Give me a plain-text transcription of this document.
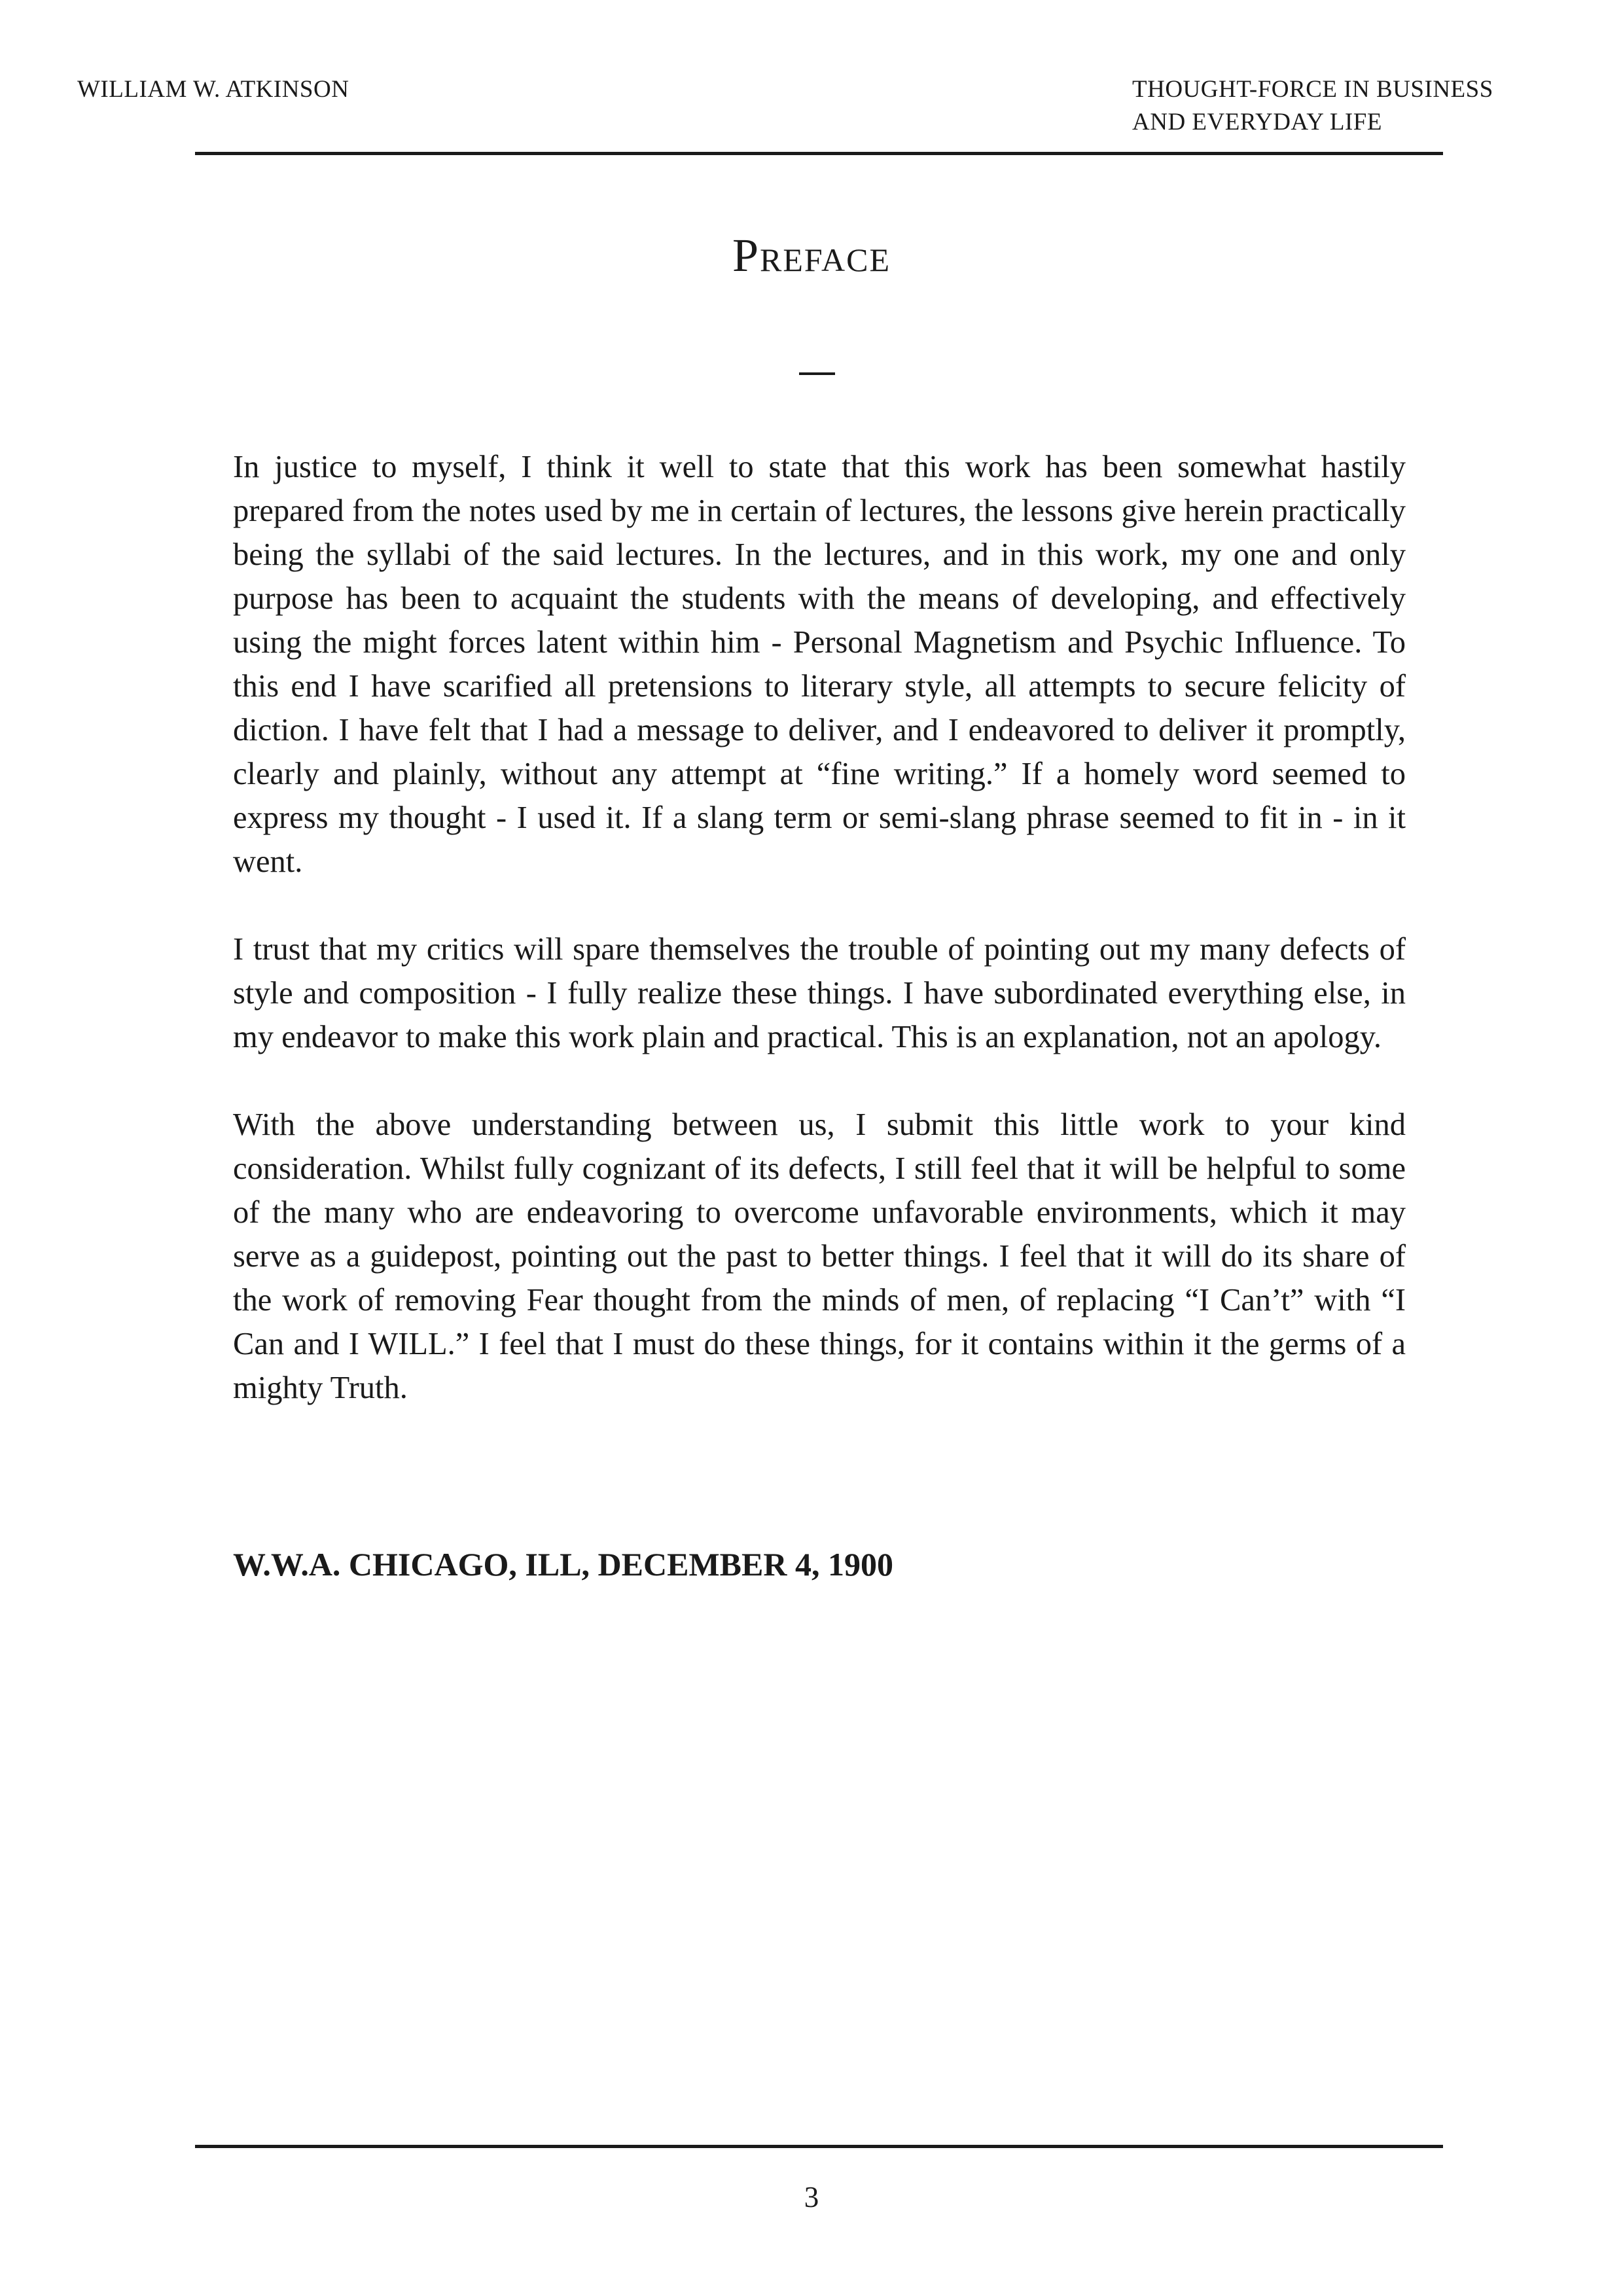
WILLIAM W. ATKINSON	THOUGHT-FORCE IN BUSINESS
AND EVERYDAY LIFE
Preface

In justice to myself, I think it well to state that this work has been somewhat hastily prepared from the notes used by me in certain of lectures, the lessons give herein practically being the syllabi of the said lectures. In the lectures, and in this work, my one and only purpose has been to acquaint the students with the means of developing, and effectively using the might forces latent within him - Personal Magnetism and Psychic Influence. To this end I have scarified all pretensions to literary style, all attempts to secure felicity of diction. I have felt that I had a message to deliver, and I endeavored to deliver it promptly, clearly and plainly, without any attempt at “fine writing.” If a homely word seemed to express my thought - I used it. If a slang term or semi-slang phrase seemed to fit in - in it went.

I trust that my critics will spare themselves the trouble of pointing out my many defects of style and composition - I fully realize these things. I have subordinated everything else, in my endeavor to make this work plain and practical. This is an explanation, not an apology.

With the above understanding between us, I submit this little work to your kind consideration. Whilst fully cognizant of its defects, I still feel that it will be helpful to some of the many who are endeavoring to overcome unfavorable environments, which it may serve as a guidepost, pointing out the past to better things. I feel that it will do its share of the work of removing Fear thought from the minds of men, of replacing “I Can’t” with “I Can and I WILL.” I feel that I must do these things, for it contains within it the germs of a mighty Truth.

W.W.A. CHICAGO, ILL, DECEMBER 4, 1900
3
